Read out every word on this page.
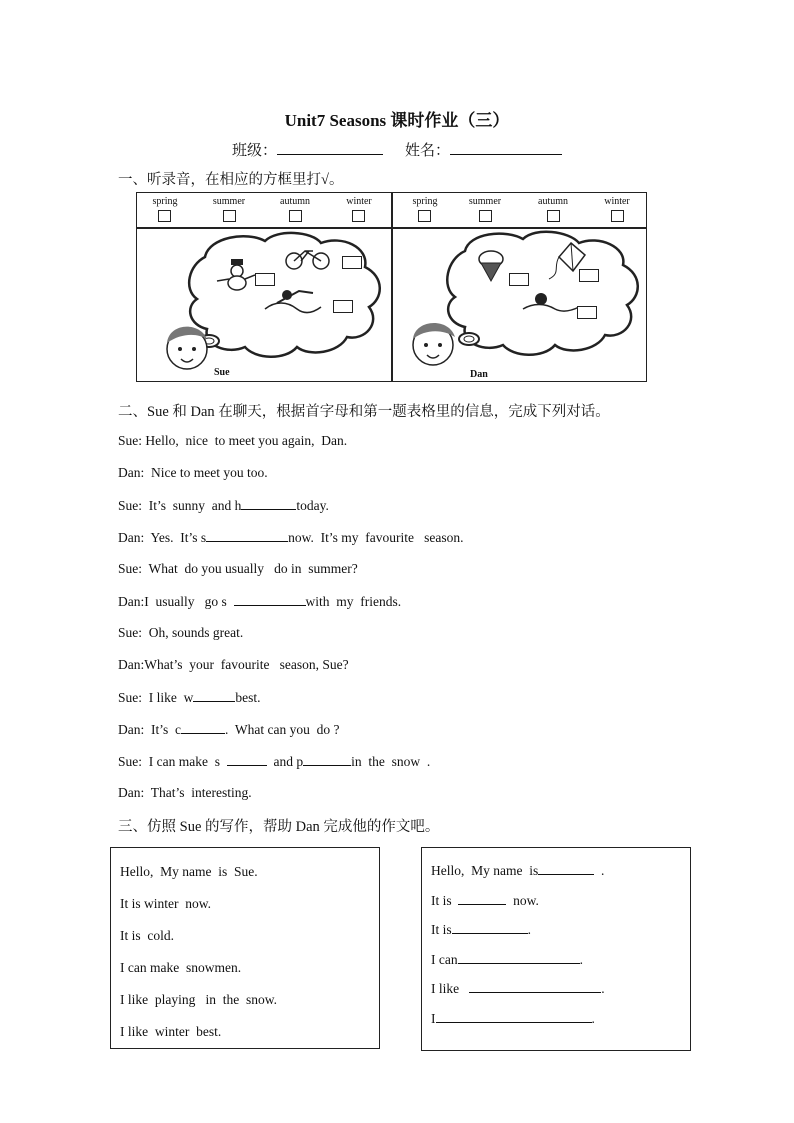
Unit7 Seasons 课时作业（三）
班级：	姓名：
一、听录音，在相应的方框里打√。
spring	summer	autumn	winter	spring	summer	autumn	winter
Sue	Dan
二、Sue 和 Dan 在聊天，根据首字母和第一题表格里的信息，完成下列对话。
Sue: Hello,  nice  to meet you again,  Dan.
Dan:  Nice to meet you too.
Sue:  It’s  sunny  and h	today.
Dan:  Yes.  It’s s	now.  It’s my  favourite   season.
Sue:  What  do you usually   do in  summer?
Dan:I  usually   go s	with  my  friends.
Sue:  Oh, sounds great.
Dan:What’s  your  favourite   season, Sue?
Sue:  I like  w	best.
Dan:  It’s  c	.  What can you  do ?
Sue:  I can make  s	and p	in  the  snow  .
Dan:  That’s  interesting.
三、仿照 Sue 的写作，帮助 Dan 完成他的作文吧。
Hello,  My name  is  Sue.
It is winter  now.
It is  cold.
I can make  snowmen.
I like  playing   in  the  snow.
I like  winter  best.
Hello,  My name  is	.
It is	now.
It is	.
I can	.
I like	.
I	.
